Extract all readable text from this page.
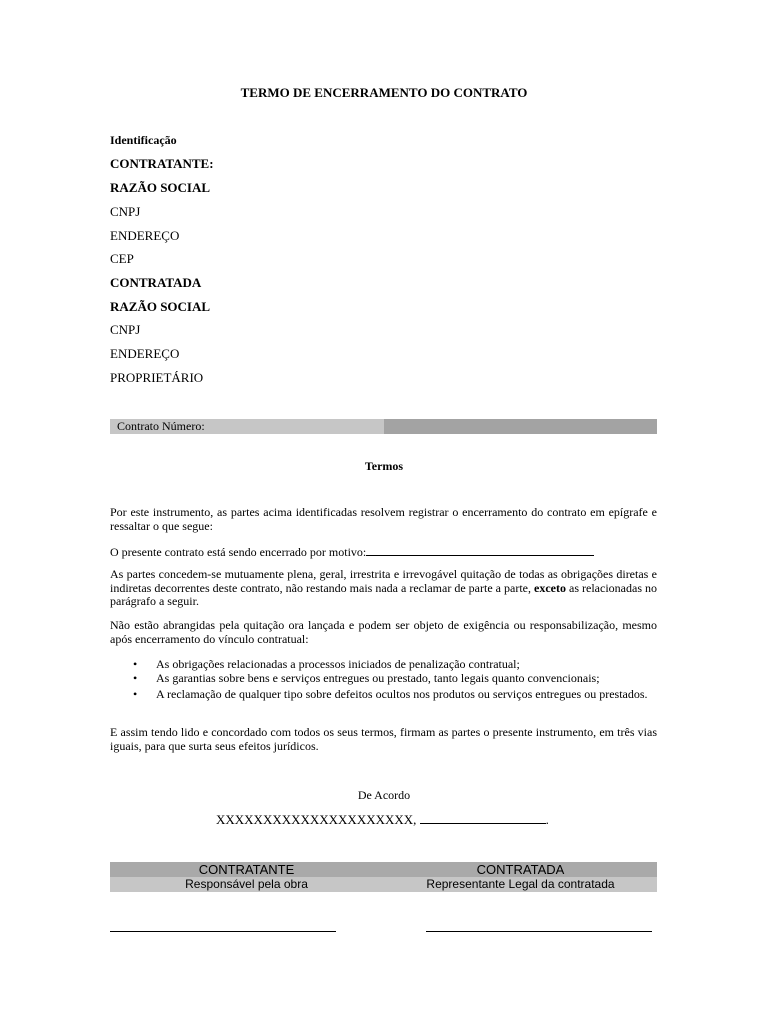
TERMO DE ENCERRAMENTO DO CONTRATO
Identificação
CONTRATANTE:
RAZÃO SOCIAL
CNPJ
ENDEREÇO
CEP
CONTRATADA
RAZÃO SOCIAL
CNPJ
ENDEREÇO
PROPRIETÁRIO
Contrato Número:
Termos
Por este instrumento, as partes acima identificadas resolvem registrar o encerramento do contrato em epígrafe e ressaltar o que segue:
O presente contrato está sendo encerrado por motivo:
As partes concedem-se mutuamente plena, geral, irrestrita e irrevogável quitação de todas as obrigações diretas e indiretas decorrentes deste contrato, não restando mais nada a reclamar de parte a parte, exceto as relacionadas no parágrafo a seguir.
Não estão abrangidas pela quitação ora lançada e podem ser objeto de exigência ou responsabilização, mesmo após encerramento do vínculo contratual:
• As obrigações relacionadas a processos iniciados de penalização contratual;
• As garantias sobre bens e serviços entregues ou prestado, tanto legais quanto convencionais;
• A reclamação de qualquer tipo sobre defeitos ocultos nos produtos ou serviços entregues ou prestados.
E assim tendo lido e concordado com todos os seus termos, firmam as partes o presente instrumento, em três vias iguais, para que surta seus efeitos jurídicos.
De Acordo
XXXXXXXXXXXXXXXXXXXXX,	.
CONTRATANTE	CONTRATADA
Responsável pela obra	Representante Legal da contratada
